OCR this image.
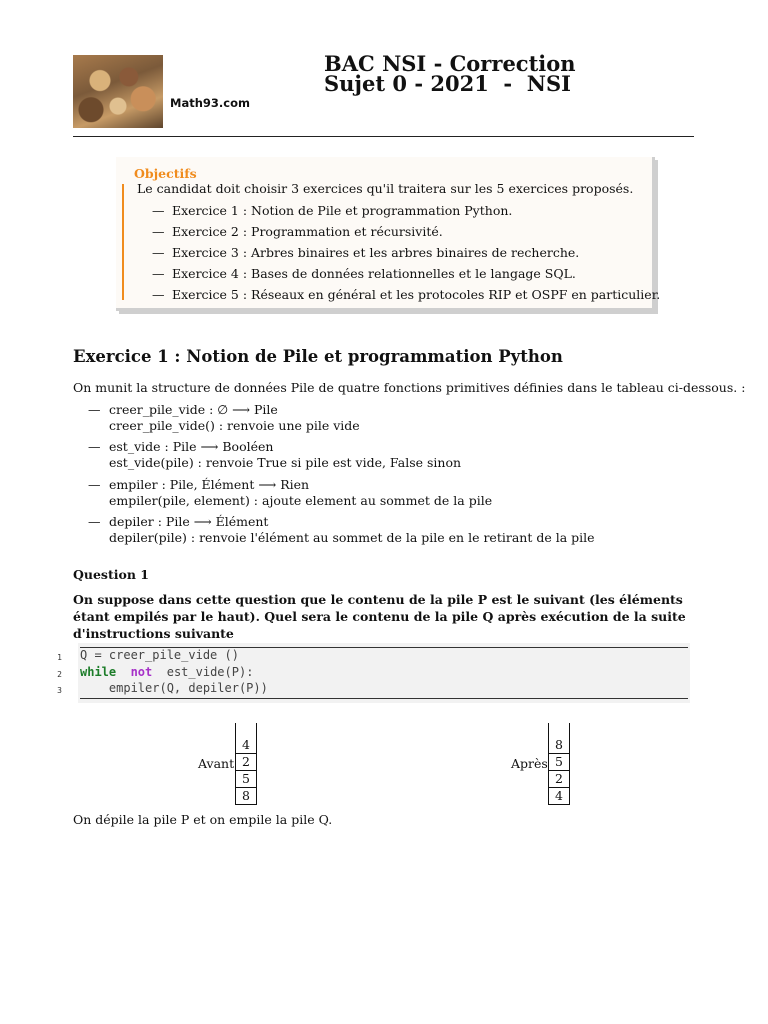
Math93.com
BAC NSI - Correction
Sujet 0 - 2021  -  NSI
Objectifs
Le candidat doit choisir 3 exercices qu'il traitera sur les 5 exercices proposés.
— Exercice 1 : Notion de Pile et programmation Python.
— Exercice 2 : Programmation et récursivité.
— Exercice 3 : Arbres binaires et les arbres binaires de recherche.
— Exercice 4 : Bases de données relationnelles et le langage SQL.
— Exercice 5 : Réseaux en général et les protocoles RIP et OSPF en particulier.
Exercice 1 : Notion de Pile et programmation Python
On munit la structure de données Pile de quatre fonctions primitives définies dans le tableau ci-dessous. :
— creer_pile_vide : ∅ ⟶ Pile
creer_pile_vide() : renvoie une pile vide
— est_vide : Pile ⟶ Booléen
est_vide(pile) : renvoie True si pile est vide, False sinon
— empiler : Pile, Élément ⟶ Rien
empiler(pile, element) : ajoute element au sommet de la pile
— depiler : Pile ⟶ Élément
depiler(pile) : renvoie l'élément au sommet de la pile en le retirant de la pile
Question 1
On suppose dans cette question que le contenu de la pile P est le suivant (les éléments étant empilés par le haut). Quel sera le contenu de la pile Q après exécution de la suite d'instructions suivante
1
2
3
Q = creer_pile_vide ()
while not est_vide(P):
empiler(Q, depiler(P))
Avant
4
2
5
8
Après
8
5
2
4
On dépile la pile P et on empile la pile Q.
